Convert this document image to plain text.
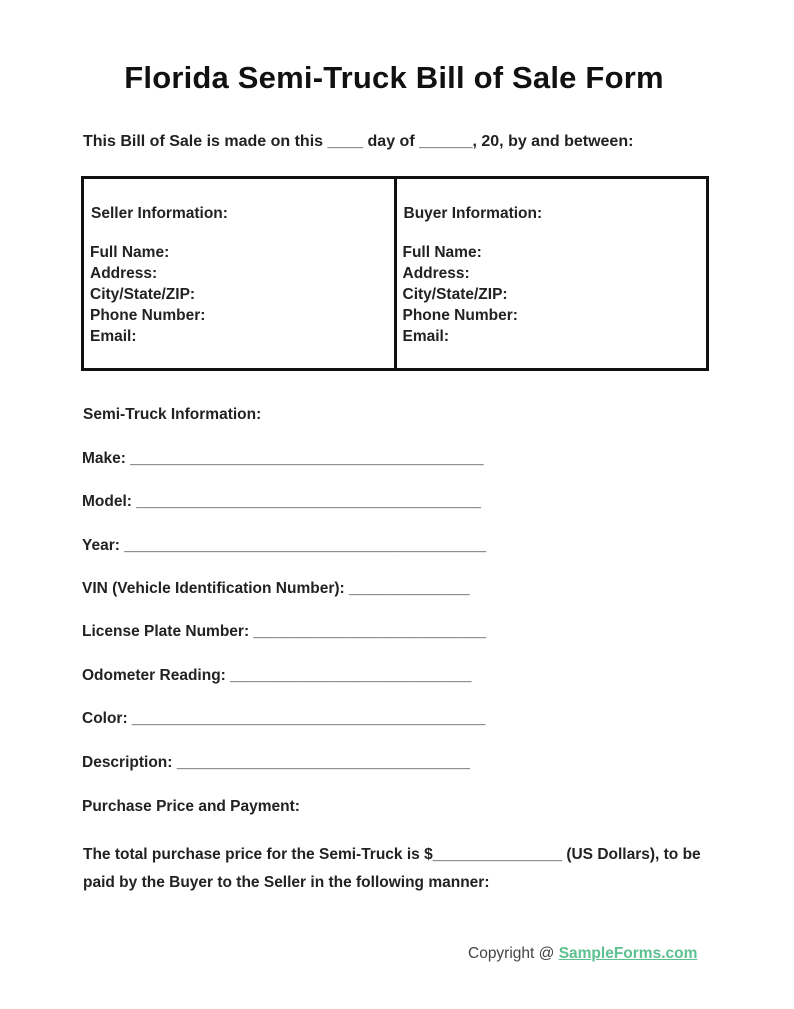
Florida Semi-Truck Bill of Sale Form
This Bill of Sale is made on this ____ day of ______, 20, by and between:
Seller Information:
Full Name:
Address:
City/State/ZIP:
Phone Number:
Email:
Buyer Information:
Full Name:
Address:
City/State/ZIP:
Phone Number:
Email:
Semi-Truck Information:
Make: _________________________________________
Model: ________________________________________
Year: __________________________________________
VIN (Vehicle Identification Number): ______________
License Plate Number: ___________________________
Odometer Reading: ____________________________
Color: _________________________________________
Description: __________________________________
Purchase Price and Payment:
The total purchase price for the Semi-Truck is $_______________ (US Dollars), to be paid by the Buyer to the Seller in the following manner:
Copyright @ SampleForms.com
